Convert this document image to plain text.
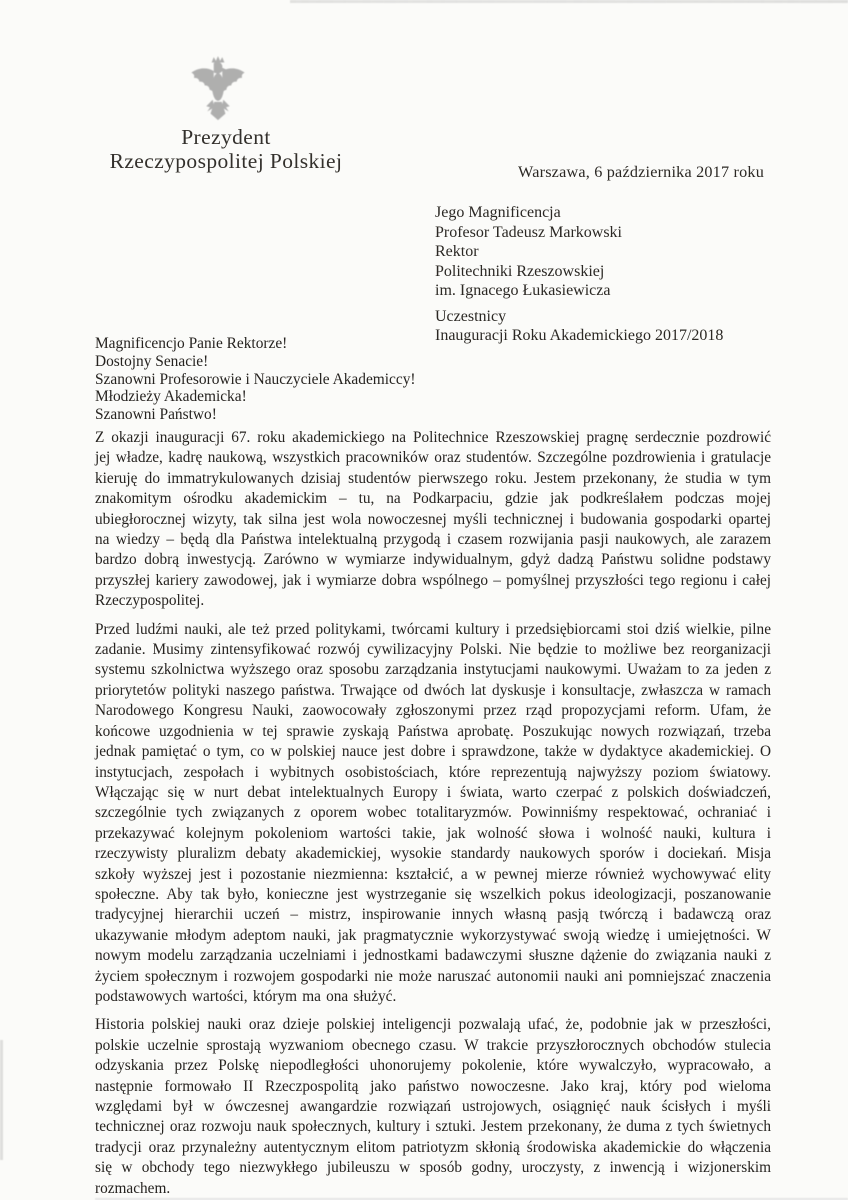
Prezydent
Rzeczypospolitej Polskiej	Warszawa, 6 października 2017 roku
Jego Magnificencja
Profesor Tadeusz Markowski
Rektor
Politechniki Rzeszowskiej
im. Ignacego Łukasiewicza
Uczestnicy
Inauguracji Roku Akademickiego 2017/2018
Magnificencjo Panie Rektorze!
Dostojny Senacie!
Szanowni Profesorowie i Nauczyciele Akademiccy!
Młodzieży Akademicka!
Szanowni Państwo!

Z okazji inauguracji 67. roku akademickiego na Politechnice Rzeszowskiej pragnę serdecznie pozdrowić jej władze, kadrę naukową, wszystkich pracowników oraz studentów. Szczególne pozdrowienia i gratulacje kieruję do immatrykulowanych dzisiaj studentów pierwszego roku. Jestem przekonany, że studia w tym znakomitym ośrodku akademickim – tu, na Podkarpaciu, gdzie jak podkreślałem podczas mojej ubiegłorocznej wizyty, tak silna jest wola nowoczesnej myśli technicznej i budowania gospodarki opartej na wiedzy – będą dla Państwa intelektualną przygodą i czasem rozwijania pasji naukowych, ale zarazem bardzo dobrą inwestycją. Zarówno w wymiarze indywidualnym, gdyż dadzą Państwu solidne podstawy przyszłej kariery zawodowej, jak i wymiarze dobra wspólnego – pomyślnej przyszłości tego regionu i całej Rzeczypospolitej.

Przed ludźmi nauki, ale też przed politykami, twórcami kultury i przedsiębiorcami stoi dziś wielkie, pilne zadanie. Musimy zintensyfikować rozwój cywilizacyjny Polski. Nie będzie to możliwe bez reorganizacji systemu szkolnictwa wyższego oraz sposobu zarządzania instytucjami naukowymi. Uważam to za jeden z priorytetów polityki naszego państwa. Trwające od dwóch lat dyskusje i konsultacje, zwłaszcza w ramach Narodowego Kongresu Nauki, zaowocowały zgłoszonymi przez rząd propozycjami reform. Ufam, że końcowe uzgodnienia w tej sprawie zyskają Państwa aprobatę. Poszukując nowych rozwiązań, trzeba jednak pamiętać o tym, co w polskiej nauce jest dobre i sprawdzone, także w dydaktyce akademickiej. O instytucjach, zespołach i wybitnych osobistościach, które reprezentują najwyższy poziom światowy. Włączając się w nurt debat intelektualnych Europy i świata, warto czerpać z polskich doświadczeń, szczególnie tych związanych z oporem wobec totalitaryzmów. Powinniśmy respektować, ochraniać i przekazywać kolejnym pokoleniom wartości takie, jak wolność słowa i wolność nauki, kultura i rzeczywisty pluralizm debaty akademickiej, wysokie standardy naukowych sporów i dociekań. Misja szkoły wyższej jest i pozostanie niezmienna: kształcić, a w pewnej mierze również wychowywać elity społeczne. Aby tak było, konieczne jest wystrzeganie się wszelkich pokus ideologizacji, poszanowanie tradycyjnej hierarchii uczeń – mistrz, inspirowanie innych własną pasją twórczą i badawczą oraz ukazywanie młodym adeptom nauki, jak pragmatycznie wykorzystywać swoją wiedzę i umiejętności. W nowym modelu zarządzania uczelniami i jednostkami badawczymi słuszne dążenie do związania nauki z życiem społecznym i rozwojem gospodarki nie może naruszać autonomii nauki ani pomniejszać znaczenia podstawowych wartości, którym ma ona służyć.

Historia polskiej nauki oraz dzieje polskiej inteligencji pozwalają ufać, że, podobnie jak w przeszłości, polskie uczelnie sprostają wyzwaniom obecnego czasu. W trakcie przyszłorocznych obchodów stulecia odzyskania przez Polskę niepodległości uhonorujemy pokolenie, które wywalczyło, wypracowało, a następnie formowało II Rzeczpospolitą jako państwo nowoczesne. Jako kraj, który pod wieloma względami był w ówczesnej awangardzie rozwiązań ustrojowych, osiągnięć nauk ścisłych i myśli technicznej oraz rozwoju nauk społecznych, kultury i sztuki. Jestem przekonany, że duma z tych świetnych tradycji oraz przynależny autentycznym elitom patriotyzm skłonią środowiska akademickie do włączenia się w obchody tego niezwykłego jubileuszu w sposób godny, uroczysty, z inwencją i wizjonerskim rozmachem.
